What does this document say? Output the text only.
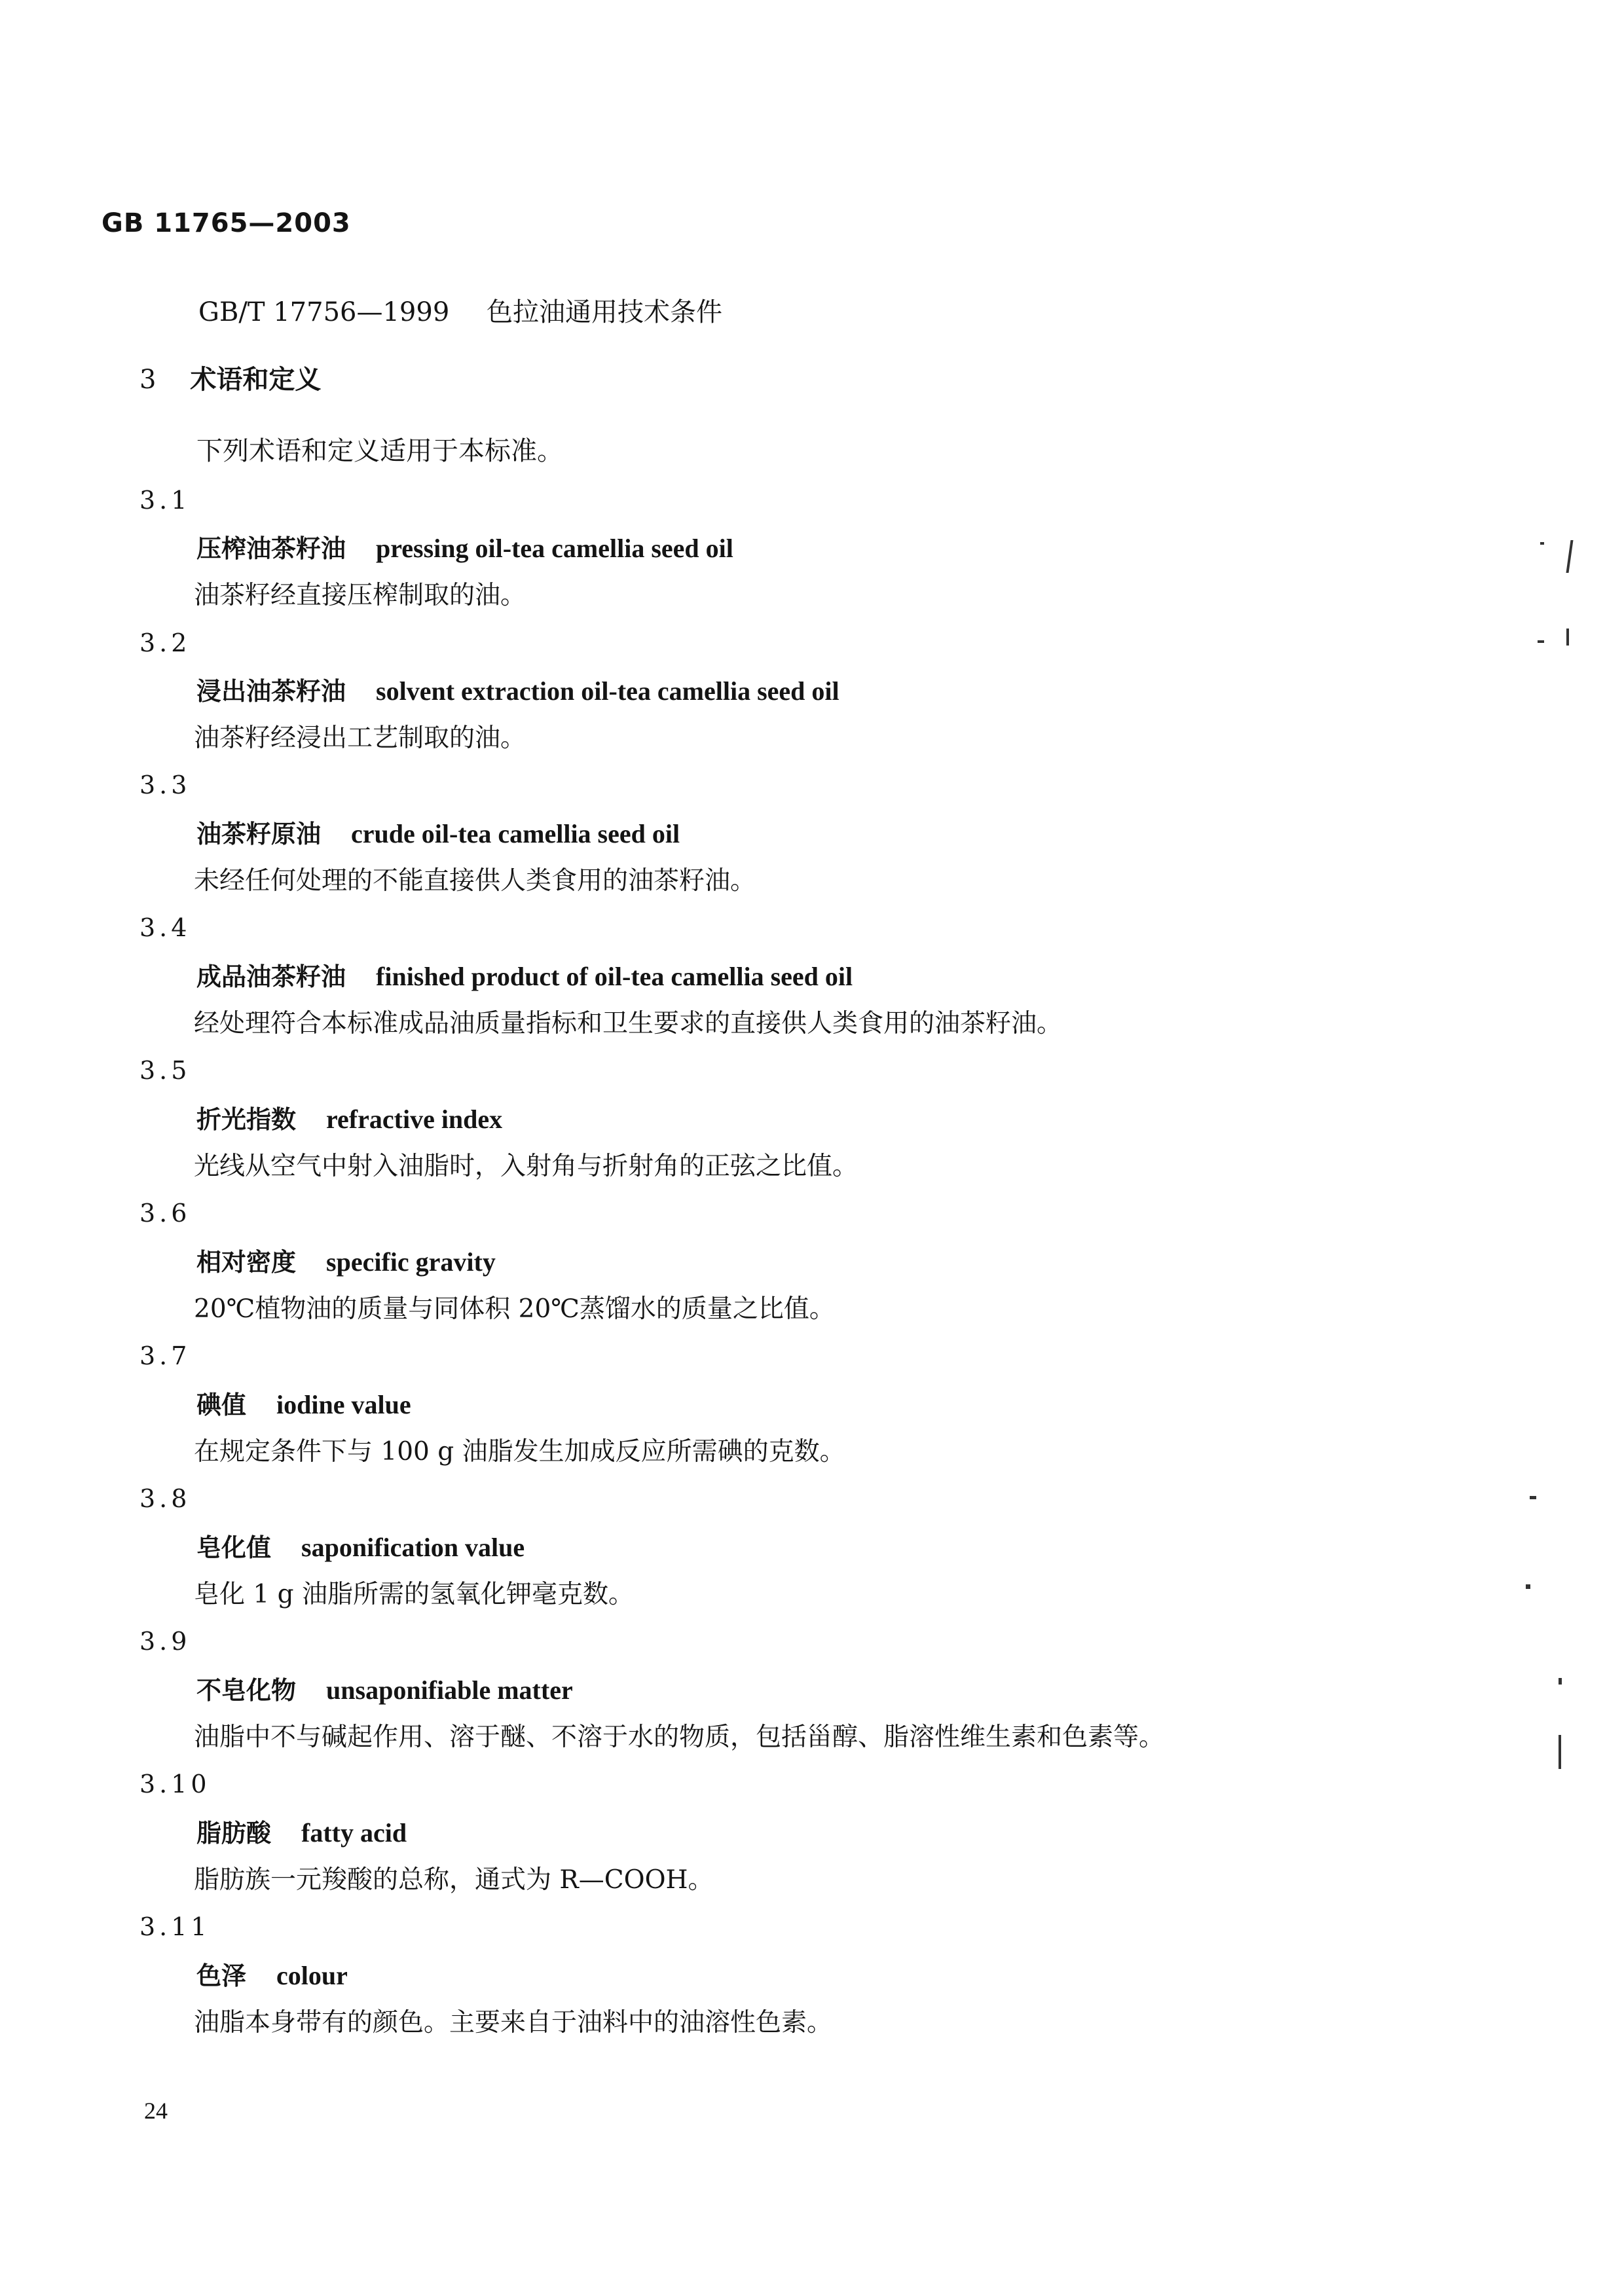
GB 11765—2003
GB/T 17756—1999 色拉油通用技术条件
3 术语和定义
下列术语和定义适用于本标准。
3.1
压榨油茶籽油 pressing oil-tea camellia seed oil
油茶籽经直接压榨制取的油。
3.2
浸出油茶籽油 solvent extraction oil-tea camellia seed oil
油茶籽经浸出工艺制取的油。
3.3
油茶籽原油 crude oil-tea camellia seed oil
未经任何处理的不能直接供人类食用的油茶籽油。
3.4
成品油茶籽油 finished product of oil-tea camellia seed oil
经处理符合本标准成品油质量指标和卫生要求的直接供人类食用的油茶籽油。
3.5
折光指数 refractive index
光线从空气中射入油脂时，入射角与折射角的正弦之比值。
3.6
相对密度 specific gravity
20℃植物油的质量与同体积 20℃蒸馏水的质量之比值。
3.7
碘值 iodine value
在规定条件下与 100 g 油脂发生加成反应所需碘的克数。
3.8
皂化值 saponification value
皂化 1 g 油脂所需的氢氧化钾毫克数。
3.9
不皂化物 unsaponifiable matter
油脂中不与碱起作用、溶于醚、不溶于水的物质，包括甾醇、脂溶性维生素和色素等。
3.10
脂肪酸 fatty acid
脂肪族一元羧酸的总称，通式为 R—COOH。
3.11
色泽 colour
油脂本身带有的颜色。主要来自于油料中的油溶性色素。
24
